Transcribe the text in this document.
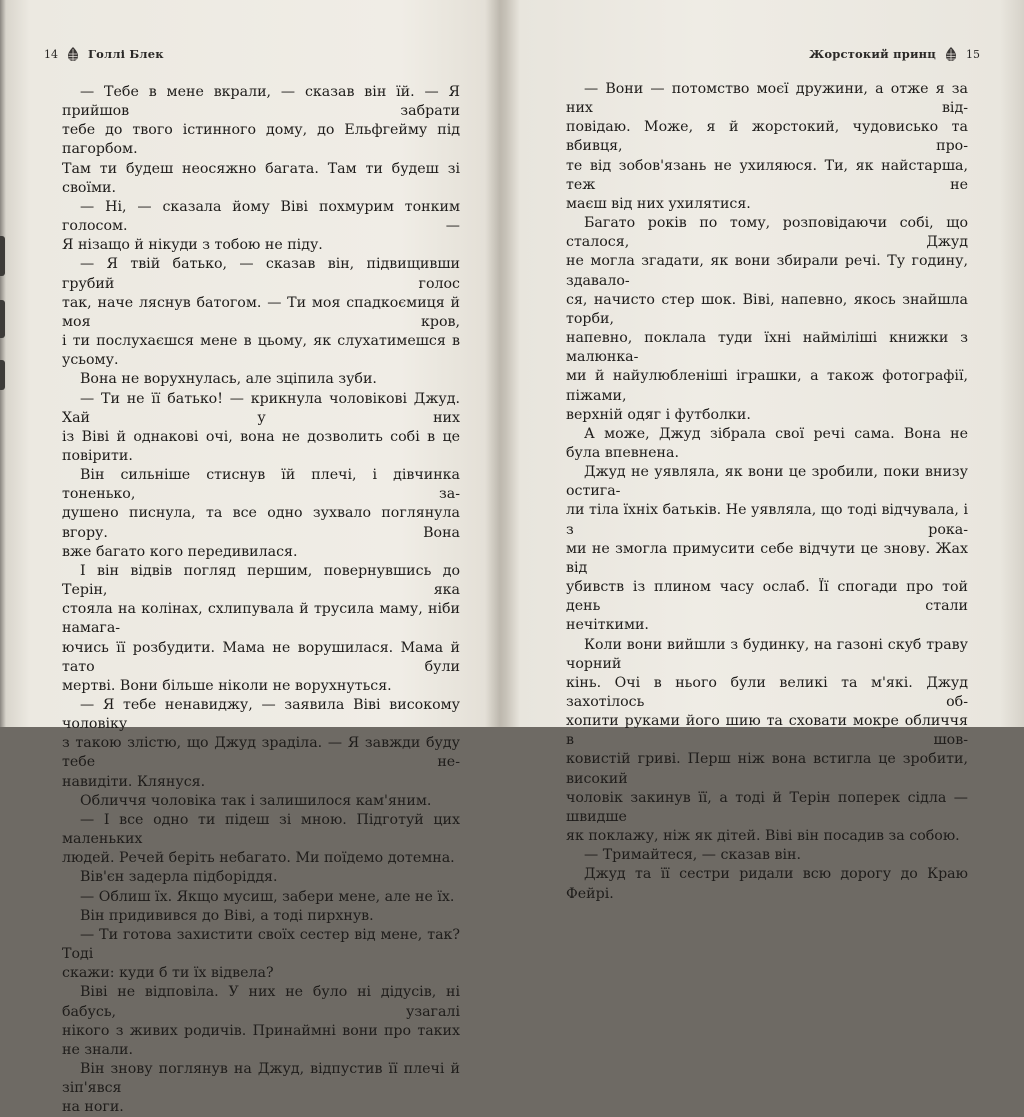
14	Голлі Блек

— Тебе в мене вкрали, — сказав він їй. — Я прийшов забрати
тебе до твого істинного дому, до Ельфгейму під пагорбом.
Там ти будеш неосяжно багата. Там ти будеш зі своїми.

— Ні, — сказала йому Віві похмурим тонким голосом. —
Я нізащо й нікуди з тобою не піду.

— Я твій батько, — сказав він, підвищивши грубий голос
так, наче ляснув батогом. — Ти моя спадкоємиця й моя кров,
і ти послухаєшся мене в цьому, як слухатимешся в усьому.

Вона не ворухнулась, але зціпила зуби.

— Ти не її батько! — крикнула чоловікові Джуд. Хай у них
із Віві й однакові очі, вона не дозволить собі в це повірити.

Він сильніше стиснув їй плечі, і дівчинка тоненько, за-
душено писнула, та все одно зухвало поглянула вгору. Вона
вже багато кого передивилася.

І він відвів погляд першим, повернувшись до Терін, яка
стояла на колінах, схлипувала й трусила маму, ніби намага-
ючись її розбудити. Мама не ворушилася. Мама й тато були
мертві. Вони більше ніколи не ворухнуться.

— Я тебе ненавиджу, — заявила Віві високому чоловіку
з такою злістю, що Джуд зраділа. — Я завжди буду тебе не-
навидіти. Клянуся.

Обличчя чоловіка так і залишилося кам'яним.

— І все одно ти підеш зі мною. Підготуй цих маленьких
людей. Речей беріть небагато. Ми поїдемо дотемна.

Вів'єн задерла підборіддя.

— Облиш їх. Якщо мусиш, забери мене, але не їх.

Він придивився до Віві, а тоді пирхнув.

— Ти готова захистити своїх сестер від мене, так? Тоді
скажи: куди б ти їх відвела?

Віві не відповіла. У них не було ні дідусів, ні бабусь, узагалі
нікого з живих родичів. Принаймні вони про таких не знали.

Він знову поглянув на Джуд, відпустив її плечі й зіп'явся
на ноги.

Жорстокий принц	15

— Вони — потомство моєї дружини, а отже я за них від-
повідаю. Може, я й жорстокий, чудовисько та вбивця, про-
те від зобов'язань не ухиляюся. Ти, як найстарша, теж не
маєш від них ухилятися.

Багато років по тому, розповідаючи собі, що сталося, Джуд
не могла згадати, як вони збирали речі. Ту годину, здавало-
ся, начисто стер шок. Віві, напевно, якось знайшла торби,
напевно, поклала туди їхні найміліші книжки з малюнка-
ми й найулюбленіші іграшки, а також фотографії, піжами,
верхній одяг і футболки.

А може, Джуд зібрала свої речі сама. Вона не була впевнена.

Джуд не уявляла, як вони це зробили, поки внизу остига-
ли тіла їхніх батьків. Не уявляла, що тоді відчувала, і з рока-
ми не змогла примусити себе відчути це знову. Жах від
убивств із плином часу ослаб. Її спогади про той день стали
нечіткими.

Коли вони вийшли з будинку, на газоні скуб траву чорний
кінь. Очі в нього були великі та м'які. Джуд захотілось об-
хопити руками його шию та сховати мокре обличчя в шов-
ковистій гриві. Перш ніж вона встигла це зробити, високий
чоловік закинув її, а тоді й Терін поперек сідла — швидше
як поклажу, ніж як дітей. Віві він посадив за собою.

— Тримайтеся, — сказав він.

Джуд та її сестри ридали всю дорогу до Краю Фейрі.
